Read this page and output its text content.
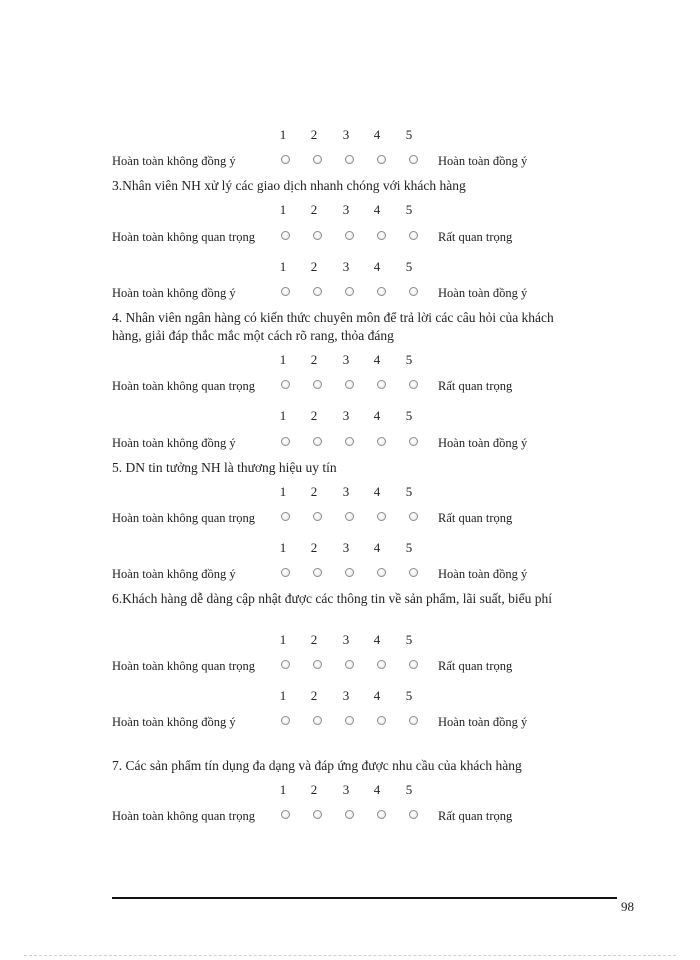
1 2 3 4 5
Hoàn toàn không đồng ý	Hoàn toàn đồng ý
3.Nhân viên NH xử lý các giao dịch nhanh chóng với khách hàng
1 2 3 4 5
Hoàn toàn không quan trọng	Rất quan trọng
1 2 3 4 5
Hoàn toàn không đồng ý	Hoàn toàn đồng ý
4. Nhân viên ngân hàng có kiến thức chuyên môn để trả lời các câu hỏi của khách
hàng, giải đáp thắc mắc một cách rõ rang, thỏa đáng
1 2 3 4 5
Hoàn toàn không quan trọng	Rất quan trọng
1 2 3 4 5
Hoàn toàn không đồng ý	Hoàn toàn đồng ý
5. DN tin tưởng NH là thương hiệu uy tín
1 2 3 4 5
Hoàn toàn không quan trọng	Rất quan trọng
1 2 3 4 5
Hoàn toàn không đồng ý	Hoàn toàn đồng ý
6.Khách hàng dễ dàng cập nhật được các thông tin về sản phẩm, lãi suất, biểu phí
1 2 3 4 5
Hoàn toàn không quan trọng	Rất quan trọng
1 2 3 4 5
Hoàn toàn không đồng ý	Hoàn toàn đồng ý
7. Các sản phẩm tín dụng đa dạng và đáp ứng được nhu cầu của khách hàng
1 2 3 4 5
Hoàn toàn không quan trọng	Rất quan trọng
98
